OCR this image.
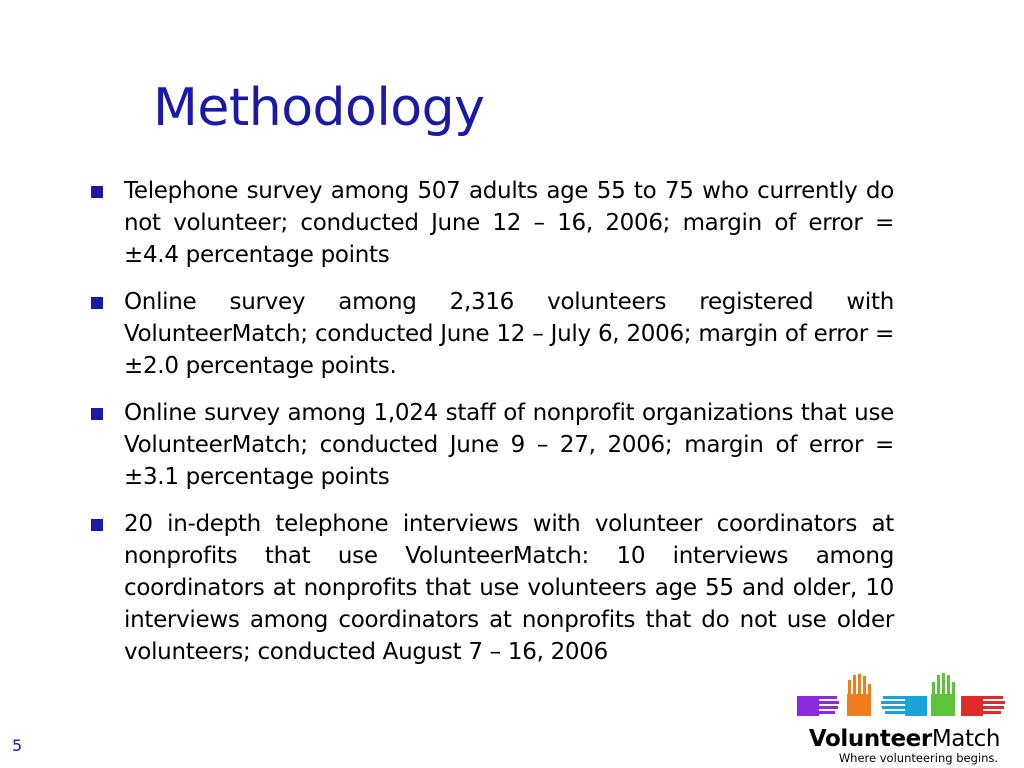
Methodology
Telephone survey among 507 adults age 55 to 75 who currently do not volunteer; conducted June 12 – 16, 2006; margin of error = ±4.4 percentage points
Online survey among 2,316 volunteers registered with VolunteerMatch; conducted June 12 – July 6, 2006; margin of error = ±2.0 percentage points.
Online survey among 1,024 staff of nonprofit organizations that use VolunteerMatch; conducted June 9 – 27, 2006; margin of error = ±3.1 percentage points
20 in-depth telephone interviews with volunteer coordinators at nonprofits that use VolunteerMatch: 10 interviews among coordinators at nonprofits that use volunteers age 55 and older, 10 interviews among coordinators at nonprofits that do not use older volunteers; conducted August 7 – 16, 2006
5	VolunteerMatch
Where volunteering begins.
